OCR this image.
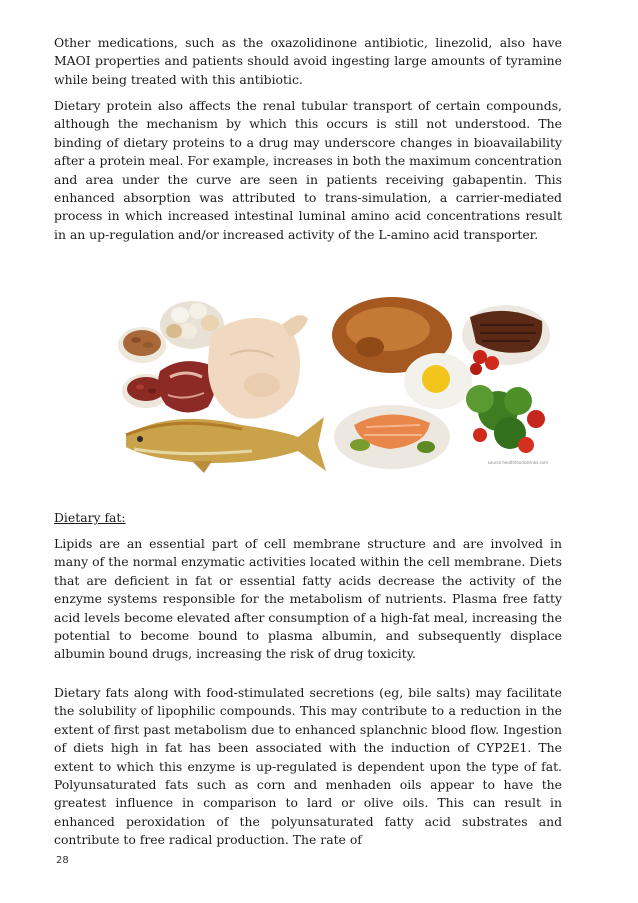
Other medications, such as the oxazolidinone antibiotic, linezolid, also have MAOI properties and patients should avoid ingesting large amounts of tyramine while being treated with this antibiotic.

Dietary protein also affects the renal tubular transport of certain compounds, although the mechanism by which this occurs is still not understood. The binding of dietary proteins to a drug may underscore changes in bioavailability after a protein meal. For example, increases in both the maximum concentration and area under the curve are seen in patients receiving gabapentin. This enhanced absorption was attributed to trans-simulation, a carrier-mediated process in which increased intestinal luminal amino acid concentrations result in an up-regulation and/or increased activity of the L-amino acid transporter.

source:healthfoodsdrinks.com

Dietary fat:

Lipids are an essential part of cell membrane structure and are involved in many of the normal enzymatic activities located within the cell membrane. Diets that are deficient in fat or essential fatty acids decrease the activity of the enzyme systems responsible for the metabolism of nutrients. Plasma free fatty acid levels become elevated after consumption of a high-fat meal, increasing the potential to become bound to plasma albumin, and subsequently displace albumin bound drugs, increasing the risk of drug toxicity.

Dietary fats along with food-stimulated secretions (eg, bile salts) may facilitate the solubility of lipophilic compounds. This may contribute to a reduction in the extent of first past metabolism due to enhanced splanchnic blood flow. Ingestion of diets high in fat has been associated with the induction of CYP2E1. The extent to which this enzyme is up-regulated is dependent upon the type of fat. Polyunsaturated fats such as corn and menhaden oils appear to have the greatest influence in comparison to lard or olive oils. This can result in enhanced peroxidation of the polyunsaturated fatty acid substrates and contribute to free radical production. The rate of

28
